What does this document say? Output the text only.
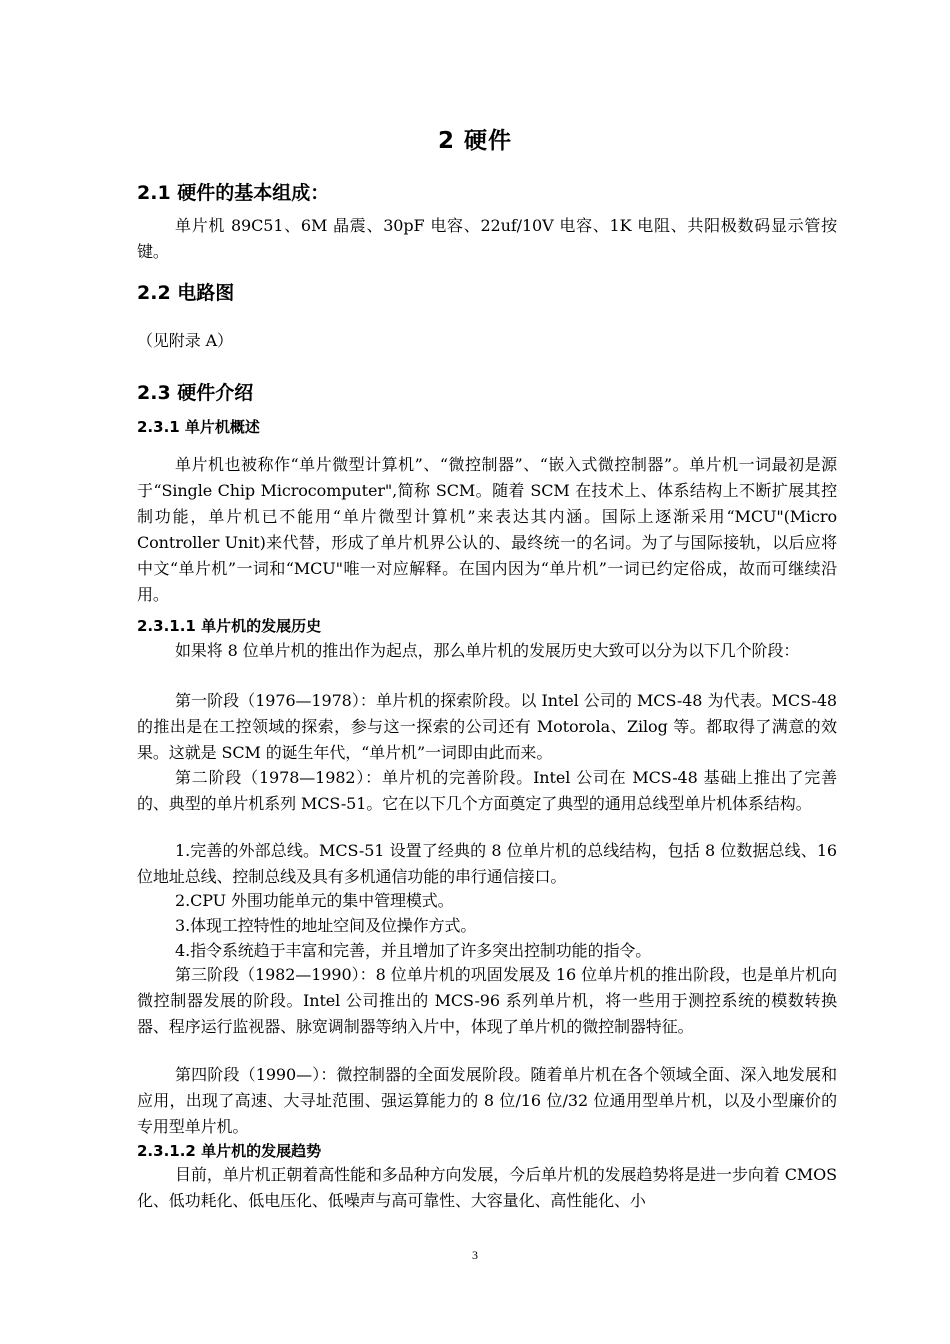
2 硬件
2.1 硬件的基本组成：

单片机 89C51、6M 晶震、30pF 电容、22uf/10V 电容、1K 电阻、共阳极数码显示管按键。

2.2 电路图

（见附录 A）

2.3 硬件介绍
2.3.1 单片机概述

单片机也被称作“单片微型计算机”、“微控制器”、“嵌入式微控制器”。单片机一词最初是源于“Single Chip Microcomputer",简称 SCM。随着 SCM 在技术上、体系结构上不断扩展其控制功能，单片机已不能用“单片微型计算机”来表达其内涵。国际上逐渐采用“MCU"(Micro Controller Unit)来代替，形成了单片机界公认的、最终统一的名词。为了与国际接轨，以后应将中文“单片机”一词和“MCU"唯一对应解释。在国内因为“单片机”一词已约定俗成，故而可继续沿用。

2.3.1.1 单片机的发展历史

如果将 8 位单片机的推出作为起点，那么单片机的发展历史大致可以分为以下几个阶段：

第一阶段（1976—1978）：单片机的探索阶段。以 Intel 公司的 MCS-48 为代表。MCS-48 的推出是在工控领域的探索，参与这一探索的公司还有 Motorola、Zilog 等。都取得了满意的效果。这就是 SCM 的诞生年代，“单片机”一词即由此而来。

第二阶段（1978—1982）：单片机的完善阶段。Intel 公司在 MCS-48 基础上推出了完善的、典型的单片机系列 MCS-51。它在以下几个方面奠定了典型的通用总线型单片机体系结构。

1.完善的外部总线。MCS-51 设置了经典的 8 位单片机的总线结构，包括 8 位数据总线、16 位地址总线、控制总线及具有多机通信功能的串行通信接口。

2.CPU 外围功能单元的集中管理模式。

3.体现工控特性的地址空间及位操作方式。

4.指令系统趋于丰富和完善，并且增加了许多突出控制功能的指令。

第三阶段（1982—1990）：8 位单片机的巩固发展及 16 位单片机的推出阶段，也是单片机向微控制器发展的阶段。Intel 公司推出的 MCS-96 系列单片机，将一些用于测控系统的模数转换器、程序运行监视器、脉宽调制器等纳入片中，体现了单片机的微控制器特征。

第四阶段（1990—）：微控制器的全面发展阶段。随着单片机在各个领域全面、深入地发展和应用，出现了高速、大寻址范围、强运算能力的 8 位/16 位/32 位通用型单片机，以及小型廉价的专用型单片机。

2.3.1.2 单片机的发展趋势

目前，单片机正朝着高性能和多品种方向发展，今后单片机的发展趋势将是进一步向着 CMOS 化、低功耗化、低电压化、低噪声与高可靠性、大容量化、高性能化、小

3
